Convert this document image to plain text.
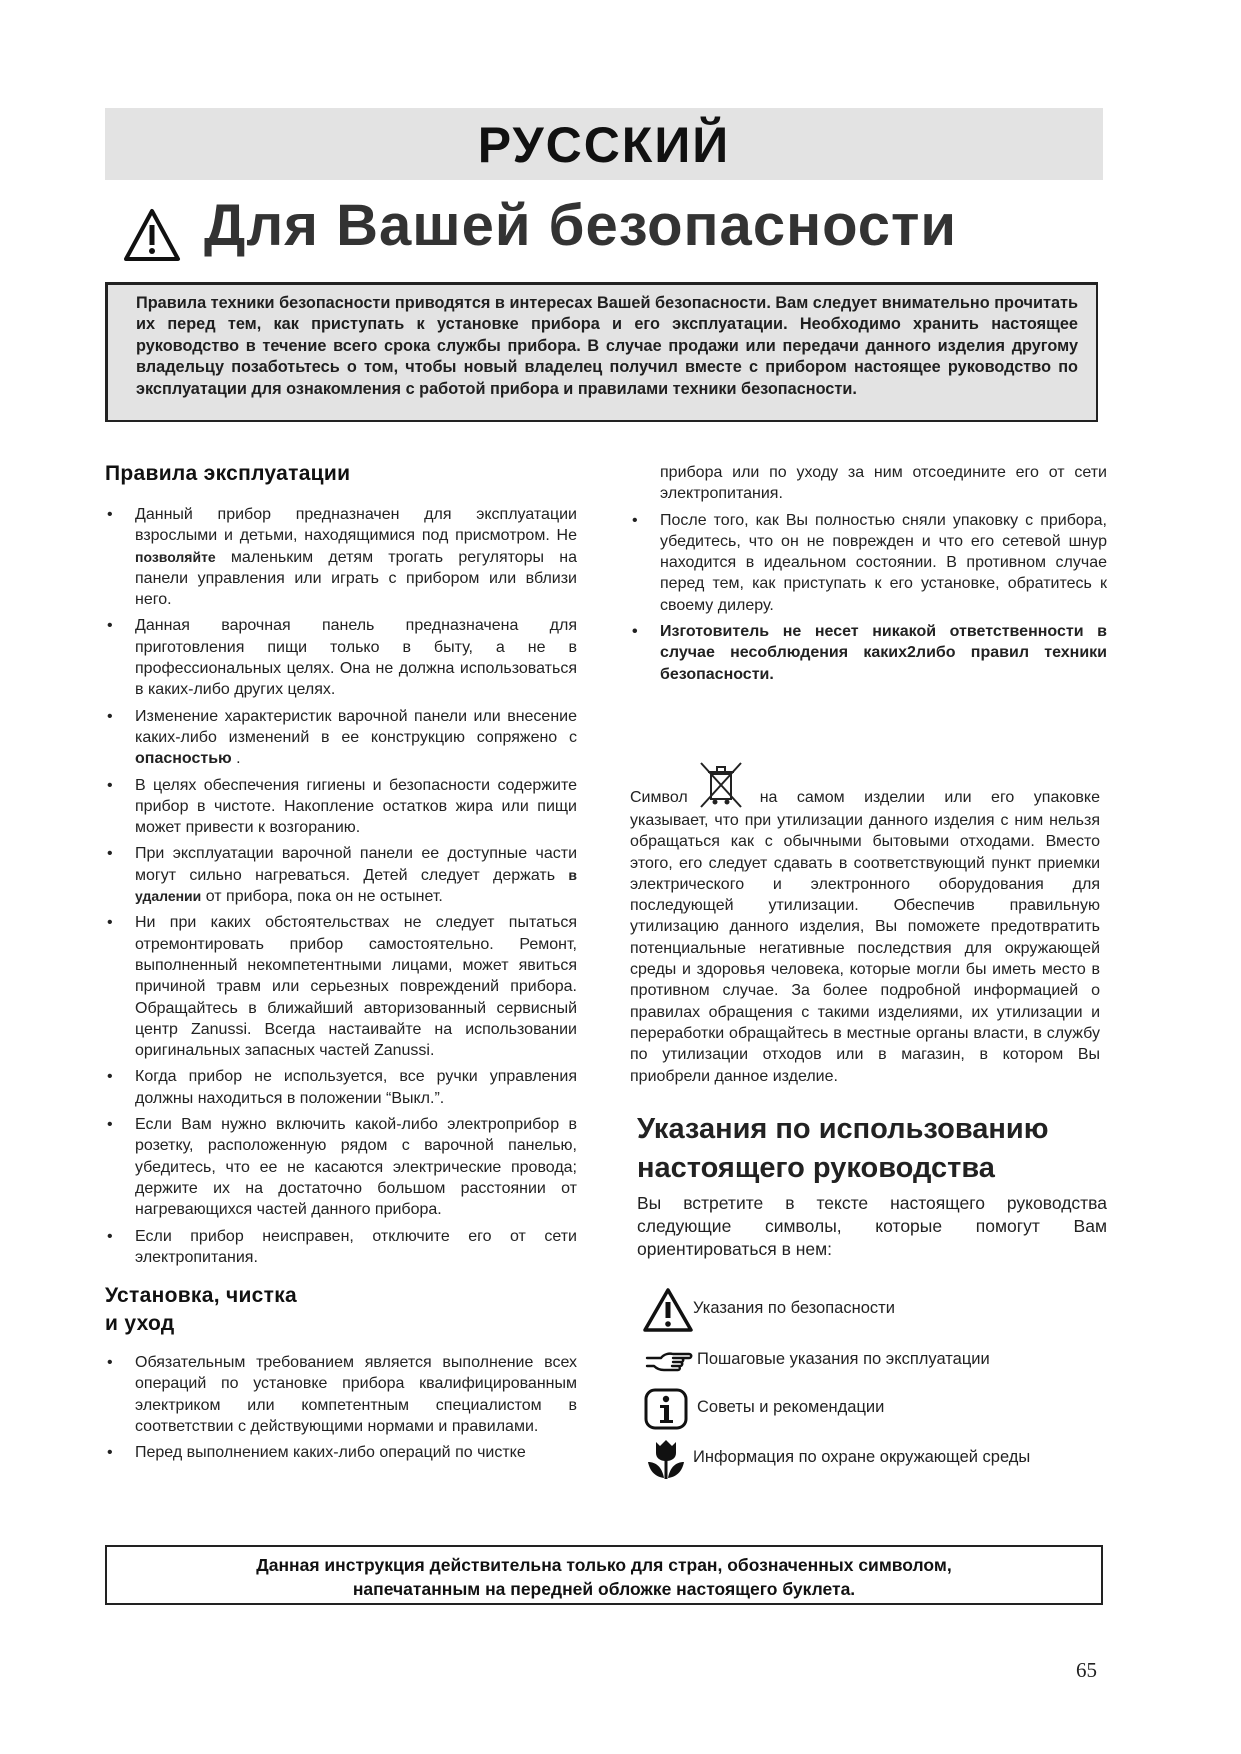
РУССКИЙ
Для Вашей безопасности

Правила техники безопасности приводятся в интересах Вашей безопасности. Вам следует внимательно прочитать их перед тем, как приступать к установке прибора и его эксплуатации. Необходимо хранить настоящее руководство в течение всего срока службы прибора. В случае продажи или передачи данного изделия другому владельцу позаботьтесь о том, чтобы новый владелец получил вместе с прибором настоящее руководство по эксплуатации для ознакомления с работой прибора и правилами техники безопасности.

Правила эксплуатации
• Данный прибор предназначен для эксплуатации взрослыми и детьми, находящимися под присмотром. Не позволяйте маленьким детям трогать регуляторы на панели управления или играть с прибором или вблизи него.
• Данная варочная панель предназначена для приготовления пищи только в быту, а не в профессиональных целях. Она не должна использоваться в каких-либо других целях.
• Изменение характеристик варочной панели или внесение каких-либо изменений в ее конструкцию сопряжено с опасностью .
• В целях обеспечения гигиены и безопасности содержите прибор в чистоте. Накопление остатков жира или пищи может привести к возгоранию.
• При эксплуатации варочной панели ее доступные части могут сильно нагреваться. Детей следует держать в удалении от прибора, пока он не остынет.
• Ни при каких обстоятельствах не следует пытаться отремонтировать прибор самостоятельно. Ремонт, выполненный некомпетентными лицами, может явиться причиной травм или серьезных повреждений прибора. Обращайтесь в ближайший авторизованный сервисный центр Zanussi. Всегда настаивайте на использовании оригинальных запасных частей Zanussi.
• Когда прибор не используется, все ручки управления должны находиться в положении “Выкл.”.
• Если Вам нужно включить какой-либо электроприбор в розетку, расположенную рядом с варочной панелью, убедитесь, что ее не касаются электрические провода; держите их на достаточно большом расстоянии от нагревающихся частей данного прибора.
• Если прибор неисправен, отключите его от сети электропитания.
Установка, чистка
и уход
• Обязательным требованием является выполнение всех операций по установке прибора квалифицированным электриком или компетентным специалистом в соответствии с действующими нормами и правилами.
• Перед выполнением каких-либо операций по чистке

прибора или по уходу за ним отсоедините его от сети электропитания.

• После того, как Вы полностью сняли упаковку с прибора, убедитесь, что он не поврежден и что его сетевой шнур находится в идеальном состоянии. В противном случае перед тем, как приступать к его установке, обратитесь к своему дилеру.
• Изготовитель не несет никакой ответственности в случае несоблюдения каких2либо правил техники безопасности.

Символ	на самом изделии или его упаковке указывает, что при утилизации данного изделия с ним нельзя обращаться как с обычными бытовыми отходами. Вместо этого, его следует сдавать в соответствующий пункт приемки электрического и электронного оборудования для последующей утилизации. Обеспечив правильную утилизацию данного изделия, Вы поможете предотвратить потенциальные негативные последствия для окружающей среды и здоровья человека, которые могли бы иметь место в противном случае. За более подробной информацией о правилах обращения с такими изделиями, их утилизации и переработки обращайтесь в местные органы власти, в службу по утилизации отходов или в магазин, в котором Вы приобрели данное изделие.

Указания по использованию
настоящего руководства

Вы встретите в тексте настоящего руководства следующие символы, которые помогут Вам ориентироваться в нем:

Указания по безопасности
Пошаговые указания по эксплуатации
Советы и рекомендации
Информация по охране окружающей среды

Данная инструкция действительна только для стран, обозначенных символом,
напечатанным на передней обложке настоящего буклета.

65
